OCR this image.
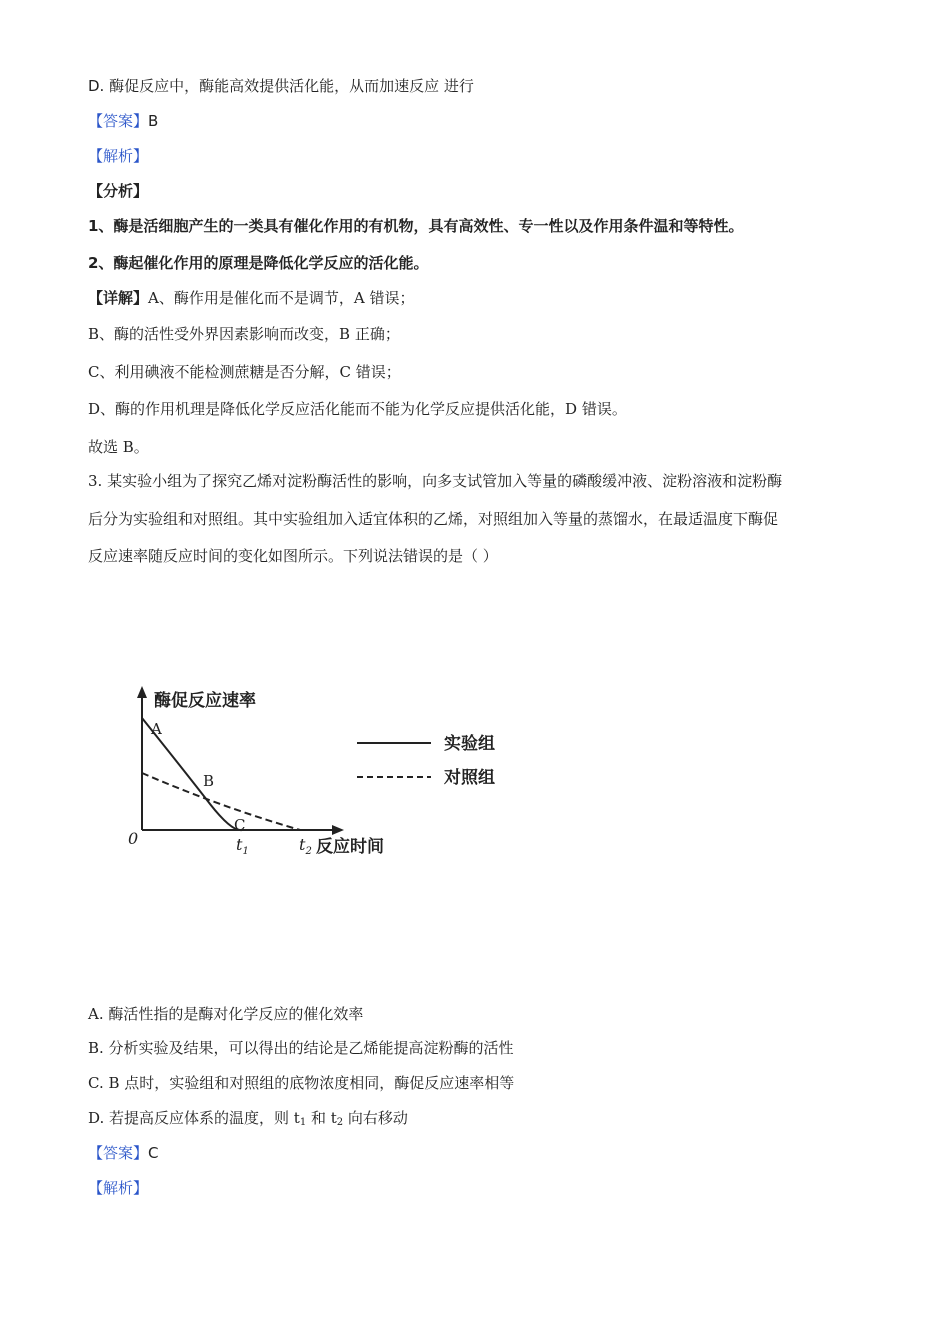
D. 酶促反应中，酶能高效提供活化能，从而加速反应 进行
【答案】B
【解析】
【分析】
1、酶是活细胞产生的一类具有催化作用的有机物，具有高效性、专一性以及作用条件温和等特性。
2、酶起催化作用的原理是降低化学反应的活化能。
【详解】A、酶作用是催化而不是调节，A 错误；
B、酶的活性受外界因素影响而改变，B 正确；
C、利用碘液不能检测蔗糖是否分解，C 错误；
D、酶的作用机理是降低化学反应活化能而不能为化学反应提供活化能，D 错误。
故选 B。
3. 某实验小组为了探究乙烯对淀粉酶活性的影响，向多支试管加入等量的磷酸缓冲液、淀粉溶液和淀粉酶
后分为实验组和对照组。其中实验组加入适宜体积的乙烯，对照组加入等量的蒸馏水，在最适温度下酶促
反应速率随反应时间的变化如图所示。下列说法错误的是（ ）
酶促反应速率
反应时间
0
A
B
C
$t_1$	$t_2$
实验组
对照组
A. 酶活性指的是酶对化学反应的催化效率
B. 分析实验及结果，可以得出的结论是乙烯能提高淀粉酶的活性
C. B 点时，实验组和对照组的底物浓度相同，酶促反应速率相等
D. 若提高反应体系的温度，则 $t_1$ 和 $t_2$ 向右移动
【答案】C
【解析】
